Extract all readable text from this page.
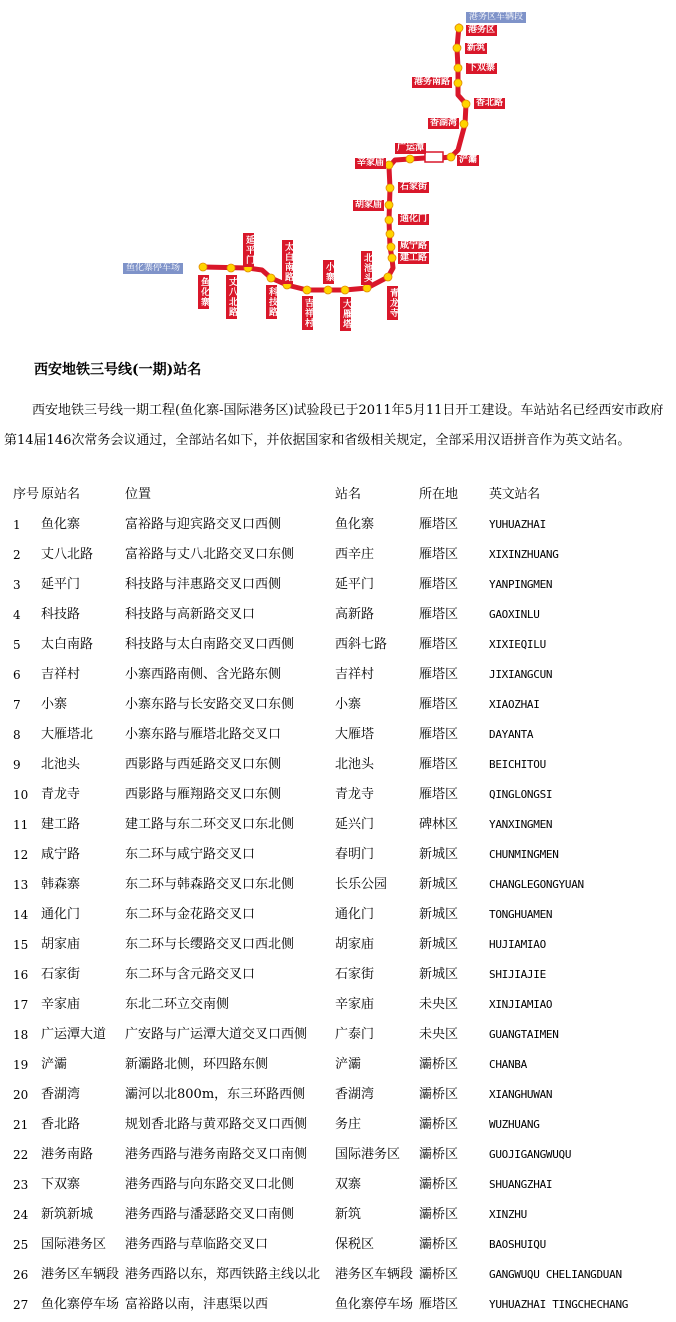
港务区
新筑
下双寨
港务南路
香北路
香湖湾
浐灞
广运潭
辛家庙
石家街
胡家庙
通化门
咸宁路
建工路
青龙寺
北池头
大雁塔
小寨
吉祥村
太白南路
科技路
延平门
丈八北路
鱼化寨
港务区车辆段
鱼化寨停车场
西安地铁三号线(一期)站名
西安地铁三号线一期工程(鱼化寨-国际港务区)试验段已于2011年5月11日开工建设。车站站名已经西安市政府第14届146次常务会议通过，全部站名如下，并依据国家和省级相关规定，全部采用汉语拼音作为英文站名。
序号 原站名	位置	站名	所在地 英文站名
1 鱼化寨	富裕路与迎宾路交叉口西侧	鱼化寨	雁塔区	YUHUAZHAI
2 丈八北路 富裕路与丈八北路交叉口东侧	西辛庄	雁塔区	XIXINZHUANG
3 延平门	科技路与沣惠路交叉口西侧	延平门	雁塔区	YANPINGMEN
4 科技路	科技路与高新路交叉口	高新路	雁塔区	GAOXINLU
5 太白南路 科技路与太白南路交叉口西侧	西斜七路 雁塔区	XIXIEQILU
6 吉祥村	小寨西路南侧、含光路东侧	吉祥村	雁塔区	JIXIANGCUN
7 小寨	小寨东路与长安路交叉口东侧	小寨	雁塔区	XIAOZHAI
8 大雁塔北 小寨东路与雁塔北路交叉口	大雁塔	雁塔区	DAYANTA
9 北池头	西影路与西延路交叉口东侧	北池头	雁塔区	BEICHITOU
10 青龙寺	西影路与雁翔路交叉口东侧	青龙寺	雁塔区	QINGLONGSI
11 建工路	建工路与东二环交叉口东北侧	延兴门	碑林区	YANXINGMEN
12 咸宁路	东二环与咸宁路交叉口	春明门	新城区	CHUNMINGMEN
13 韩森寨	东二环与韩森路交叉口东北侧	长乐公园 新城区	CHANGLEGONGYUAN
14 通化门	东二环与金花路交叉口	通化门	新城区	TONGHUAMEN
15 胡家庙	东二环与长缨路交叉口西北侧	胡家庙	新城区	HUJIAMIAO
16 石家街	东二环与含元路交叉口	石家街	新城区	SHIJIAJIE
17 辛家庙	东北二环立交南侧	辛家庙	未央区	XINJIAMIAO
18 广运潭大道 广安路与广运潭大道交叉口西侧 广泰门	未央区	GUANGTAIMEN
19 浐灞	新灞路北侧，环四路东侧	浐灞	灞桥区	CHANBA
20 香湖湾	灞河以北800m，东三环路西侧 香湖湾	灞桥区	XIANGHUWAN
21 香北路	规划香北路与黄邓路交叉口西侧 务庄	灞桥区	WUZHUANG
22 港务南路 港务西路与港务南路交叉口南侧 国际港务区 灞桥区	GUOJIGANGWUQU
23 下双寨	港务西路与向东路交叉口北侧	双寨	灞桥区	SHUANGZHAI
24 新筑新城 港务西路与潘瑟路交叉口南侧	新筑	灞桥区	XINZHU
25 国际港务区 港务西路与草临路交叉口	保税区	灞桥区	BAOSHUIQU
26 港务区车辆段 港务西路以东，郑西铁路主线以北 港务区车辆段 灞桥区	GANGWUQU CHELIANGDUAN
27 鱼化寨停车场 富裕路以南，沣惠渠以西	鱼化寨停车场 雁塔区	YUHUAZHAI TINGCHECHANG
